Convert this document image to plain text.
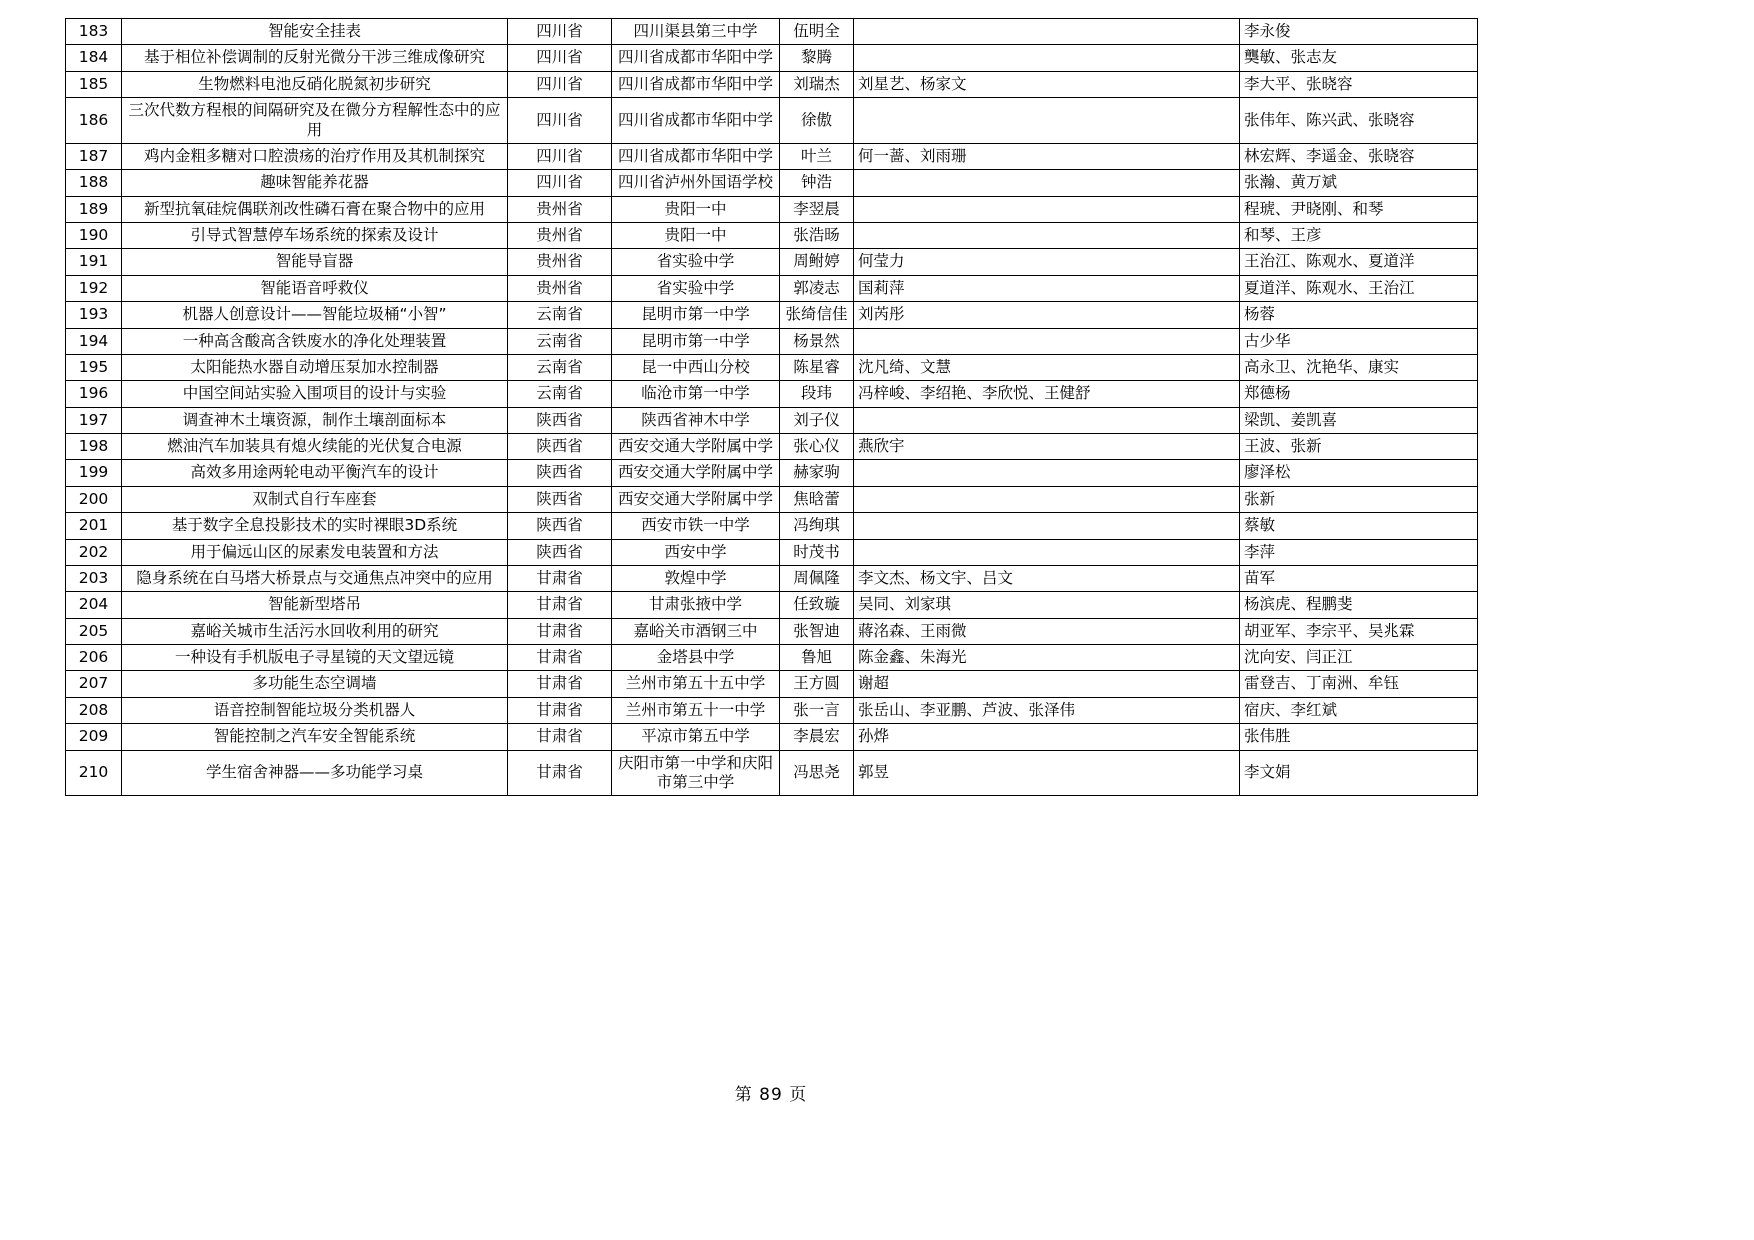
183	智能安全挂表	四川省	四川渠县第三中学	伍明全		李永俊
184	基于相位补偿调制的反射光微分干涉三维成像研究	四川省	四川省成都市华阳中学	黎腾		龑敏、张志友
185	生物燃料电池反硝化脱氮初步研究	四川省	四川省成都市华阳中学	刘瑞杰	刘星艺、杨家文	李大平、张晓容
186	三次代数方程根的间隔研究及在微分方程解性态中的应用	四川省	四川省成都市华阳中学	徐傲		张伟年、陈兴武、张晓容
187	鸡内金粗多糖对口腔溃疡的治疗作用及其机制探究	四川省	四川省成都市华阳中学	叶兰	何一蔷、刘雨珊	林宏辉、李遥金、张晓容
188	趣味智能养花器	四川省	四川省泸州外国语学校	钟浩		张瀚、黄万斌
189	新型抗氧硅烷偶联剂改性磷石膏在聚合物中的应用	贵州省	贵阳一中	李翌晨		程琥、尹晓刚、和琴
190	引导式智慧停车场系统的探索及设计	贵州省	贵阳一中	张浩旸		和琴、王彦
191	智能导盲器	贵州省	省实验中学	周鲋婷	何莹力	王治江、陈观水、夏道洋
192	智能语音呼救仪	贵州省	省实验中学	郭凌志	国莉萍	夏道洋、陈观水、王治江
193	机器人创意设计——智能垃圾桶“小智”	云南省	昆明市第一中学	张绮信佳	刘芮彤	杨蓉
194	一种高含酸高含铁废水的净化处理装置	云南省	昆明市第一中学	杨景然		古少华
195	太阳能热水器自动增压泵加水控制器	云南省	昆一中西山分校	陈星睿	沈凡绮、文慧	高永卫、沈艳华、康实
196	中国空间站实验入围项目的设计与实验	云南省	临沧市第一中学	段玮	冯梓峻、李绍艳、李欣悦、王健舒	郑德杨
197	调查神木土壤资源，制作土壤剖面标本	陕西省	陕西省神木中学	刘子仪		梁凯、姜凯喜
198	燃油汽车加装具有熄火续能的光伏复合电源	陕西省	西安交通大学附属中学	张心仪	燕欣宇	王波、张新
199	高效多用途两轮电动平衡汽车的设计	陕西省	西安交通大学附属中学	赫家驹		廖泽松
200	双制式自行车座套	陕西省	西安交通大学附属中学	焦晗蕾		张新
201	基于数字全息投影技术的实时裸眼3D系统	陕西省	西安市铁一中学	冯绚琪		蔡敏
202	用于偏远山区的尿素发电装置和方法	陕西省	西安中学	时茂书		李萍
203	隐身系统在白马塔大桥景点与交通焦点冲突中的应用	甘肃省	敦煌中学	周佩隆	李文杰、杨文宇、吕文	苗军
204	智能新型塔吊	甘肃省	甘肃张掖中学	任致璇	吴同、刘家琪	杨滨虎、程鹏斐
205	嘉峪关城市生活污水回收利用的研究	甘肃省	嘉峪关市酒钢三中	张智迪	蔣洺森、王雨微	胡亚军、李宗平、吴兆霖
206	一种设有手机版电子寻星镜的天文望远镜	甘肃省	金塔县中学	鲁旭	陈金鑫、朱海光	沈向安、闫正江
207	多功能生态空调墙	甘肃省	兰州市第五十五中学	王方圆	谢超	雷登吉、丁南洲、牟钰
208	语音控制智能垃圾分类机器人	甘肃省	兰州市第五十一中学	张一言	张岳山、李亚鹏、芦波、张泽伟	宿庆、李红斌
209	智能控制之汽车安全智能系统	甘肃省	平凉市第五中学	李晨宏	孙烨	张伟胜
210	学生宿舍神器——多功能学习桌	甘肃省	庆阳市第一中学和庆阳市第三中学	冯思尧	郭昱	李文娟
第 89 页
